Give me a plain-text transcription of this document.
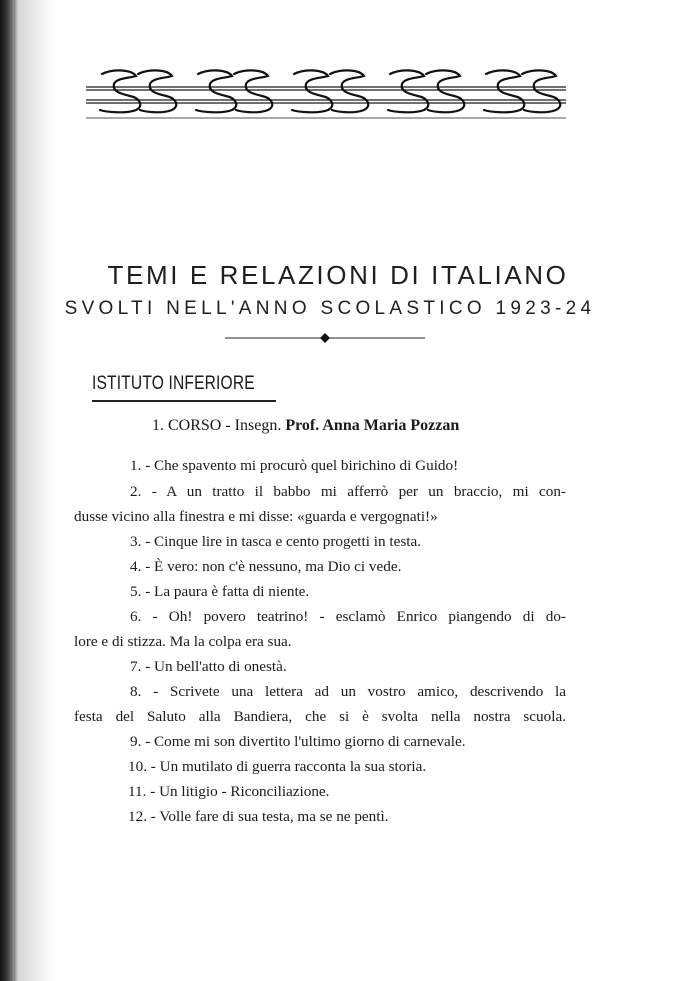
TEMI E RELAZIONI DI ITALIANO
SVOLTI NELL'ANNO SCOLASTICO 1923-24
ISTITUTO INFERIORE
1. CORSO - Insegn. Prof. Anna Maria Pozzan

1. - Che spavento mi procurò quel birichino di Guido!

2. - A un tratto il babbo mi afferrò per un braccio, mi con-

dusse vicino alla finestra e mi disse: «guarda e vergognati!»

3. - Cinque lire in tasca e cento progetti in testa.

4. - È vero: non c'è nessuno, ma Dio ci vede.

5. - La paura è fatta di niente.

6. - Oh! povero teatrino! - esclamò Enrico piangendo di do-

lore e di stizza. Ma la colpa era sua.

7. - Un bell'atto di onestà.

8. - Scrivete una lettera ad un vostro amico, descrivendo la

festa del Saluto alla Bandiera, che si è svolta nella nostra scuola.

9. - Come mi son divertito l'ultimo giorno di carnevale.

10. - Un mutilato di guerra racconta la sua storia.

11. - Un litigio - Riconciliazione.

12. - Volle fare di sua testa, ma se ne pentì.
